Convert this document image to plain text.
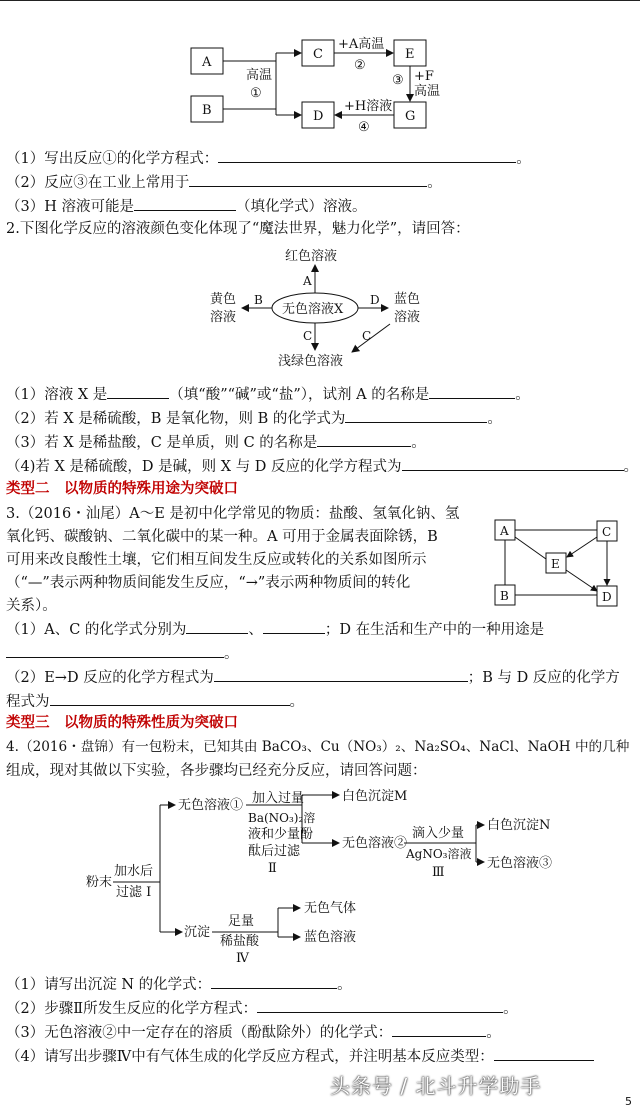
A
B
C	E
D	G
高温
①
+A高温
②
③ +F
高温
+H溶液
④
（1）写出反应①的化学方程式：	。
（2）反应③在工业上常用于	。
（3）H 溶液可能是	（填化学式）溶液。
2.下图化学反应的溶液颜色变化体现了“魔法世界，魅力化学”，请回答：
红色溶液
无色溶液X
黄色
溶液
蓝色
溶液
浅绿色溶液
A
B	D
C	C
（1）溶液 X 是	（填“酸”“碱”或“盐”），试剂 A 的名称是	。
（2）若 X 是稀硫酸，B 是氧化物，则 B 的化学式为	。
（3）若 X 是稀盐酸，C 是单质，则 C 的名称是	。
（4)若 X 是稀硫酸，D 是碱，则 X 与 D 反应的化学方程式为	。
类型二　以物质的特殊用途为突破口
3.（2016・汕尾）A～E 是初中化学常见的物质：盐酸、氢氧化钠、氢
氧化钙、碳酸钠、二氧化碳中的某一种。A 可用于金属表面除锈，B
可用来改良酸性土壤，它们相互间发生反应或转化的关系如图所示
（“—”表示两种物质间能发生反应，“→”表示两种物质间的转化
关系）。
A	C
E
B	D
（1）A、C 的化学式分别为	、	；D 在生活和生产中的一种用途是
。
（2）E→D 反应的化学方程式为	；B 与 D 反应的化学方
程式为	。
类型三　以物质的特殊性质为突破口
4.（2016・盘锦）有一包粉末，已知其由 BaCO₃、Cu（NO₃）₂、Na₂SO₄、NaCl、NaOH 中的几种
组成，现对其做以下实验，各步骤均已经充分反应，请回答问题：
粉末
加水后
过滤 Ⅰ
无色溶液① 加入过量
Ba(NO₃)₂溶
液和少量酚
酞后过滤
Ⅱ
白色沉淀M
无色溶液②
滴入少量
AgNO₃溶液
Ⅲ
白色沉淀N
无色溶液③
沉淀
足量
稀盐酸
Ⅳ
无色气体
蓝色溶液
（1）请写出沉淀 N 的化学式：	。
（2）步骤Ⅱ所发生反应的化学方程式：	。
（3）无色溶液②中一定存在的溶质（酚酞除外）的化学式：	。
（4）请写出步骤Ⅳ中有气体生成的化学反应方程式，并注明基本反应类型：
头条号 / 北斗升学助手
5
